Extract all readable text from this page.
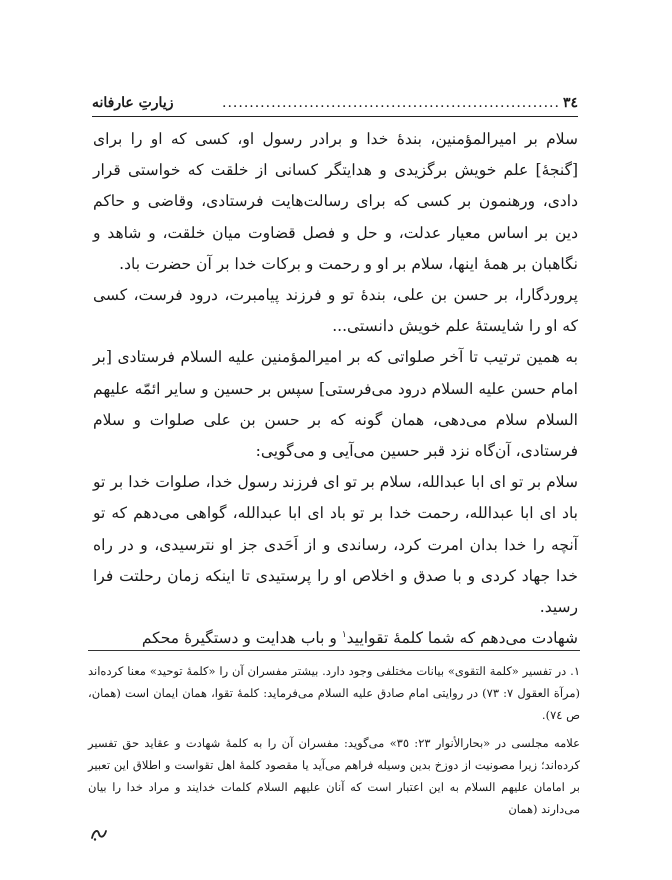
٣٤
..............................................................
زیارتِ عارفانه

سلام بر امیرالمؤمنین، بندهٔ خدا و برادر رسول او، کسی که او را برای [گنجهٔ] علم خویش برگزیدی و هدایتگر کسانی از خلقت که خواستی قرار دادی، ورهنمون بر کسی که برای رسالت‌هایت فرستادی، وقاضی و حاکم دین بر اساس معیار عدلت، و حل و فصل قضاوت میان خلقت، و شاهد و نگاهبان بر همهٔ اینها، سلام بر او و رحمت و برکات خدا بر آن حضرت باد.

پروردگارا، بر حسن بن علی، بندهٔ تو و فرزند پیامبرت، درود فرست، کسی که او را شایستهٔ علم خویش دانستی...

به همین ترتیب تا آخر صلواتی که بر امیرالمؤمنین علیه السلام فرستادی [بر امام حسن علیه السلام درود می‌فرستی] سپس بر حسین و سایر ائمّه علیهم السلام سلام می‌دهی، همان گونه که بر حسن بن علی صلوات و سلام فرستادی، آن‌گاه نزد قبر حسین می‌آیی و می‌گویی:

سلام بر تو ای ابا عبدالله، سلام بر تو ای فرزند رسول خدا، صلوات خدا بر تو باد ای ابا عبدالله، رحمت خدا بر تو باد ای ابا عبدالله، گواهی می‌دهم که تو آنچه را خدا بدان امرت کرد، رساندی و از اَحَدی جز او نترسیدی، و در راه خدا جهاد کردی و با صدق و اخلاص او را پرستیدی تا اینکه زمان رحلتت فرا رسید.

شهادت می‌دهم که شما کلمهٔ تقوایید$^١$ و باب هدایت و دستگیرهٔ محکم

١. در تفسیر «کلمة التقوی» بیانات مختلفی وجود دارد. بیشتر مفسران آن را «کلمهٔ توحید» معنا کرده‌اند (مرآة العقول ٧: ٧٣) در روایتی امام صادق علیه السلام می‌فرماید: کلمهٔ تقوا، همان ایمان است (همان، ص ٧٤).

علامه مجلسی در «بحارالأنوار ٢٣: ٣٥» می‌گوید: مفسران آن را به کلمهٔ شهادت و عقاید حق تفسیر کرده‌اند؛ زیرا مصونیت از دوزخ بدین وسیله فراهم می‌آید یا مقصود کلمهٔ اهل تقواست و اطلاق این تعبیر بر امامان علیهم السلام به این اعتبار است که آنان علیهم السلام کلمات خدایند و مراد خدا را بیان می‌دارند (همان
